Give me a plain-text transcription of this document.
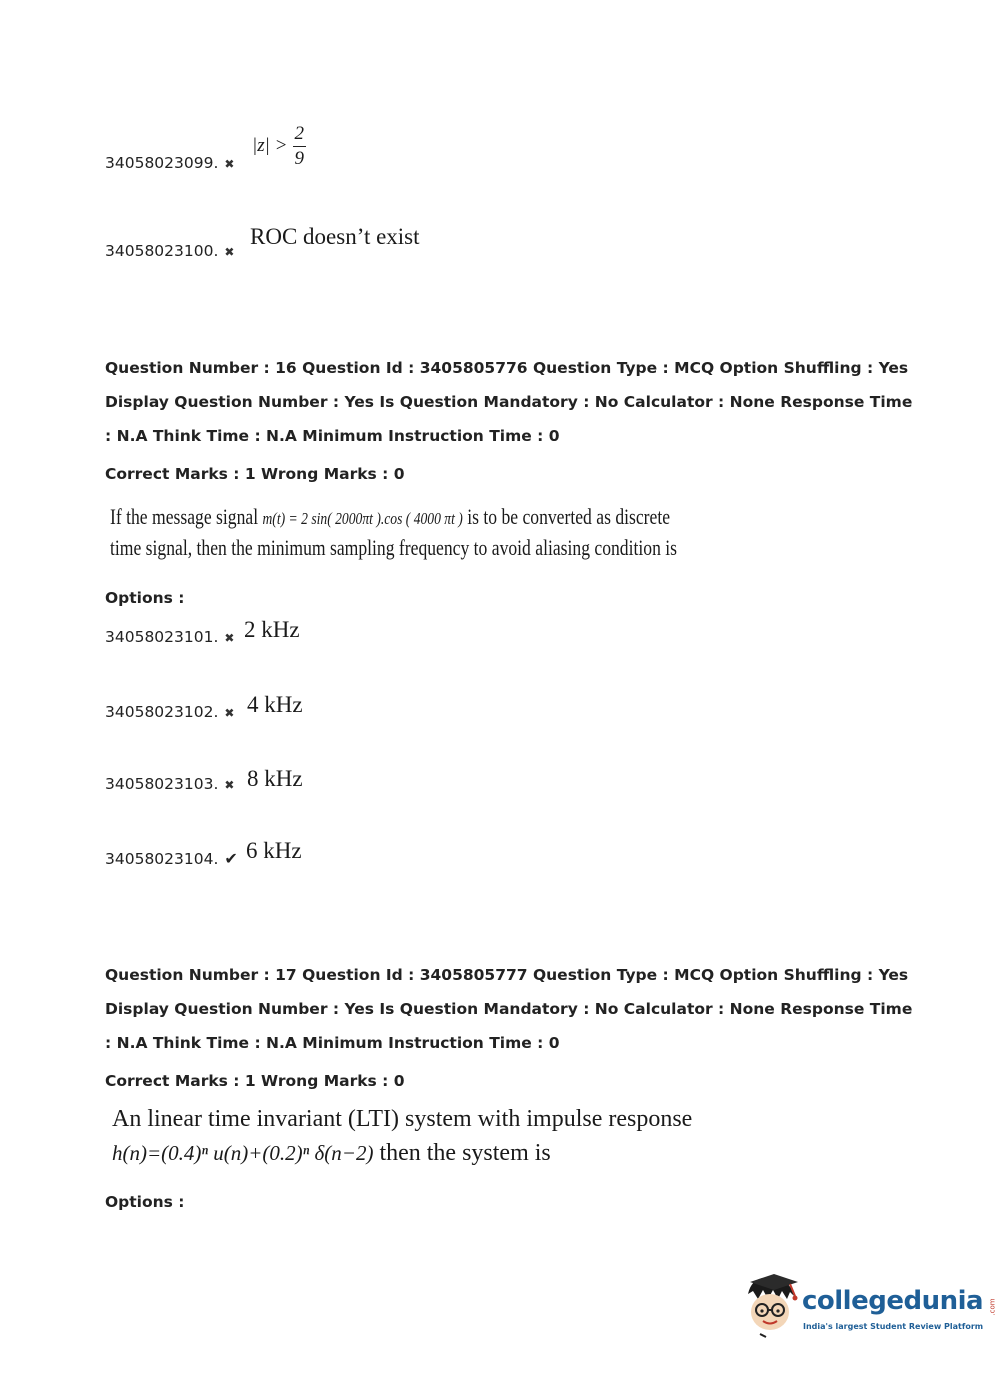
34058023099. ✖
$|z| > \frac{2}{9}$
34058023100. ✖
ROC doesn’t exist
Question Number : 16 Question Id : 3405805776 Question Type : MCQ Option Shuffling : Yes
Display Question Number : Yes Is Question Mandatory : No Calculator : None Response Time
: N.A Think Time : N.A Minimum Instruction Time : 0
Correct Marks : 1 Wrong Marks : 0
If the message signal m(t) = 2 sin( 2000πt ).cos ( 4000 πt ) is to be converted as discrete
time signal, then the minimum sampling frequency to avoid aliasing condition is
Options :
34058023101. ✖ 2 kHz
34058023102. ✖ 4 kHz
34058023103. ✖ 8 kHz
34058023104. ✔ 6 kHz
Question Number : 17 Question Id : 3405805777 Question Type : MCQ Option Shuffling : Yes
Display Question Number : Yes Is Question Mandatory : No Calculator : None Response Time
: N.A Think Time : N.A Minimum Instruction Time : 0
Correct Marks : 1 Wrong Marks : 0
An linear time invariant (LTI) system with impulse response
h(n)=(0.4)ⁿ u(n)+(0.2)ⁿ δ(n−2) then the system is
Options :
collegedunia .com
India's largest Student Review Platform
